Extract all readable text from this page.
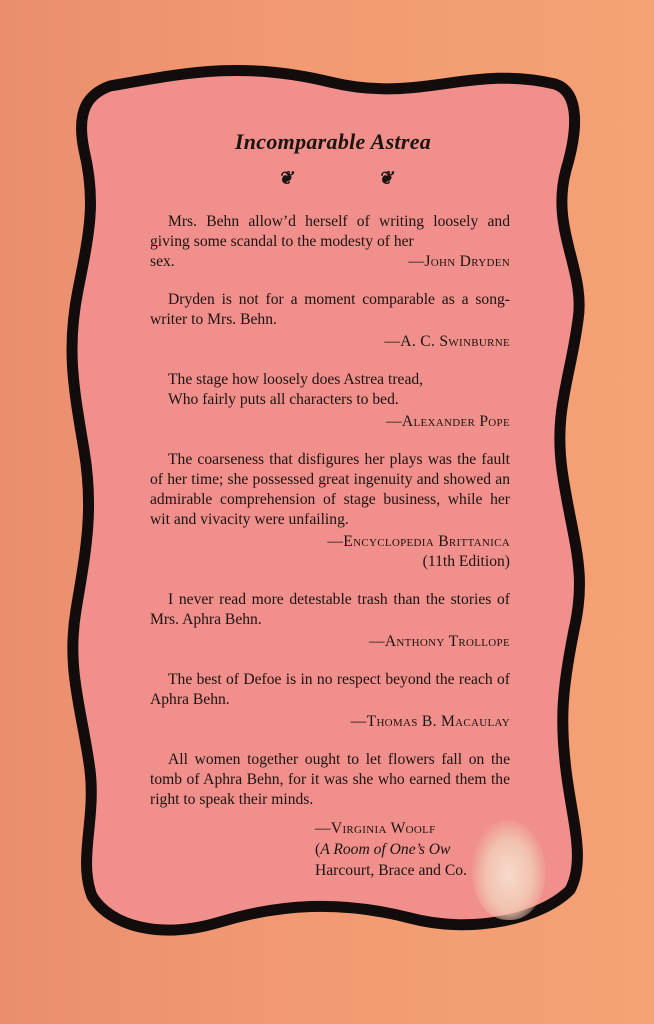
Incomparable Astrea
❦	❦

Mrs. Behn allow’d herself of writing loosely and giving some scandal to the modesty of her

sex.	—John Dryden

Dryden is not for a moment comparable as a song-writer to Mrs. Behn.

—A. C. Swinburne

The stage how loosely does Astrea tread,

Who fairly puts all characters to bed.

—Alexander Pope

The coarseness that disfigures her plays was the fault of her time; she possessed great ingenuity and showed an admirable comprehension of stage business, while her wit and vivacity were unfailing.

—Encyclopedia Brittanica
(11th Edition)

I never read more detestable trash than the stories of Mrs. Aphra Behn.

—Anthony Trollope

The best of Defoe is in no respect beyond the reach of Aphra Behn.

—Thomas B. Macaulay

All women together ought to let flowers fall on the tomb of Aphra Behn, for it was she who earned them the right to speak their minds.

—Virginia Woolf
(A Room of One’s Ow
Harcourt, Brace and Co.
